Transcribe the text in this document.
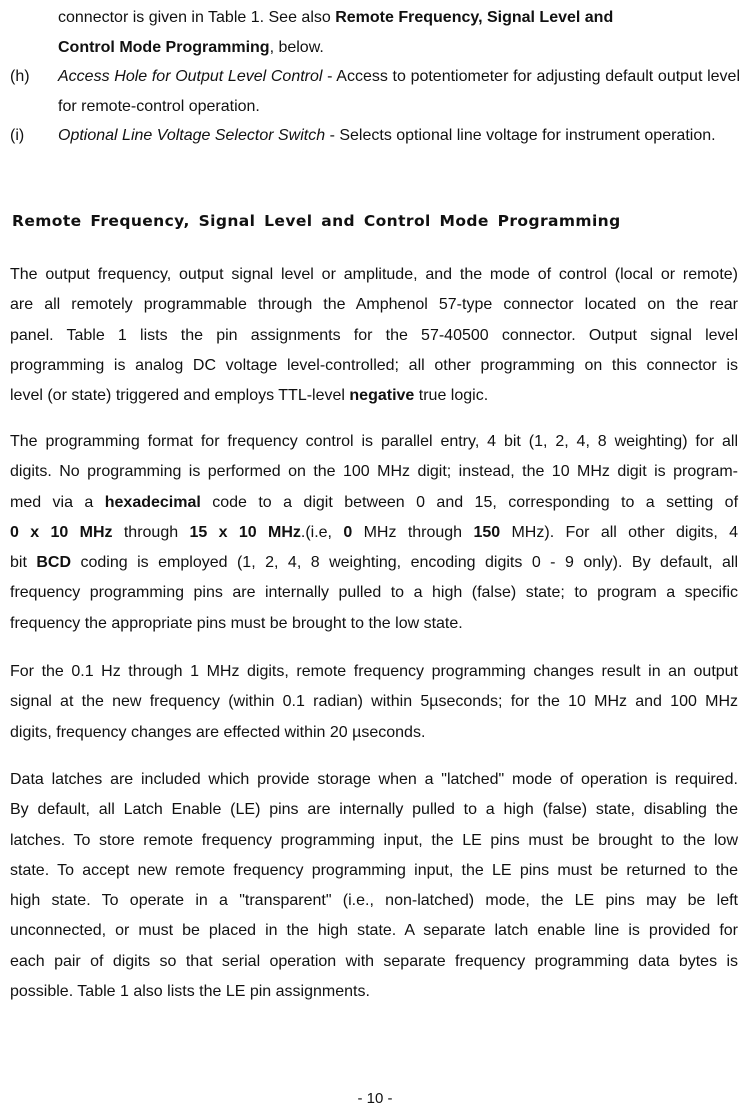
connector is given in Table 1. See also Remote Frequency, Signal Level and
Control Mode Programming, below.
(h)	Access Hole for Output Level Control - Access to potentiometer for adjusting default output level for remote-control operation.
(i)	Optional Line Voltage Selector Switch - Selects optional line voltage for instrument operation.
Remote Frequency, Signal Level and Control Mode Programming
The output frequency, output signal level or amplitude, and the mode of control (local or remote)
are all remotely programmable through the Amphenol 57-type connector located on the rear
panel. Table 1 lists the pin assignments for the 57-40500 connector. Output signal level
programming is analog DC voltage level-controlled; all other programming on this connector is
level (or state) triggered and employs TTL-level negative true logic.
The programming format for frequency control is parallel entry, 4 bit (1, 2, 4, 8 weighting) for all
digits. No programming is performed on the 100 MHz digit; instead, the 10 MHz digit is program-
med via a hexadecimal code to a digit between 0 and 15, corresponding to a setting of
0 x 10 MHz through 15 x 10 MHz.(i.e, 0 MHz through 150 MHz). For all other digits, 4
bit BCD coding is employed (1, 2, 4, 8 weighting, encoding digits 0 - 9 only). By default, all
frequency programming pins are internally pulled to a high (false) state; to program a specific
frequency the appropriate pins must be brought to the low state.
For the 0.1 Hz through 1 MHz digits, remote frequency programming changes result in an output
signal at the new frequency (within 0.1 radian) within 5µseconds; for the 10 MHz and 100 MHz
digits, frequency changes are effected within 20 µseconds.
Data latches are included which provide storage when a "latched" mode of operation is required.
By default, all Latch Enable (LE) pins are internally pulled to a high (false) state, disabling the
latches. To store remote frequency programming input, the LE pins must be brought to the low
state. To accept new remote frequency programming input, the LE pins must be returned to the
high state. To operate in a "transparent" (i.e., non-latched) mode, the LE pins may be left
unconnected, or must be placed in the high state. A separate latch enable line is provided for
each pair of digits so that serial operation with separate frequency programming data bytes is
possible. Table 1 also lists the LE pin assignments.
- 10 -
